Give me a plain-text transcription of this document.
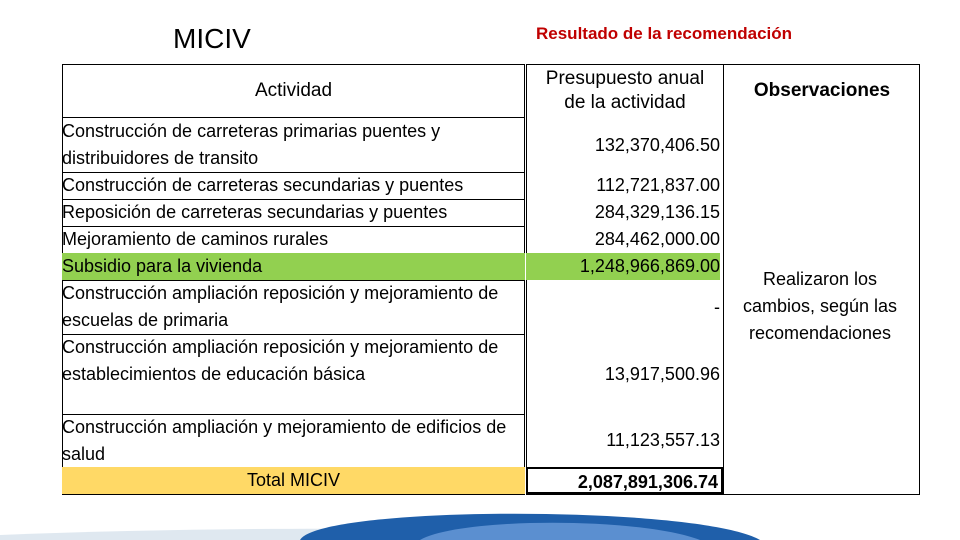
MICIV	Resultado de la recomendación
Actividad
Construcción de carreteras primarias puentes y distribuidores de transito
Construcción de carreteras secundarias y puentes
Reposición de carreteras secundarias y puentes
Mejoramiento de caminos rurales
Subsidio para la vivienda
Construcción ampliación reposición y mejoramiento de escuelas de primaria
Construcción ampliación reposición y mejoramiento de establecimientos de educación básica
Construcción ampliación y mejoramiento de edificios de salud
Total MICIV
Presupuesto anual
de la actividad
132,370,406.50
112,721,837.00
284,329,136.15
284,462,000.00
1,248,966,869.00
-
13,917,500.96
11,123,557.13
2,087,891,306.74
Observaciones
Realizaron los cambios, según las recomendaciones
